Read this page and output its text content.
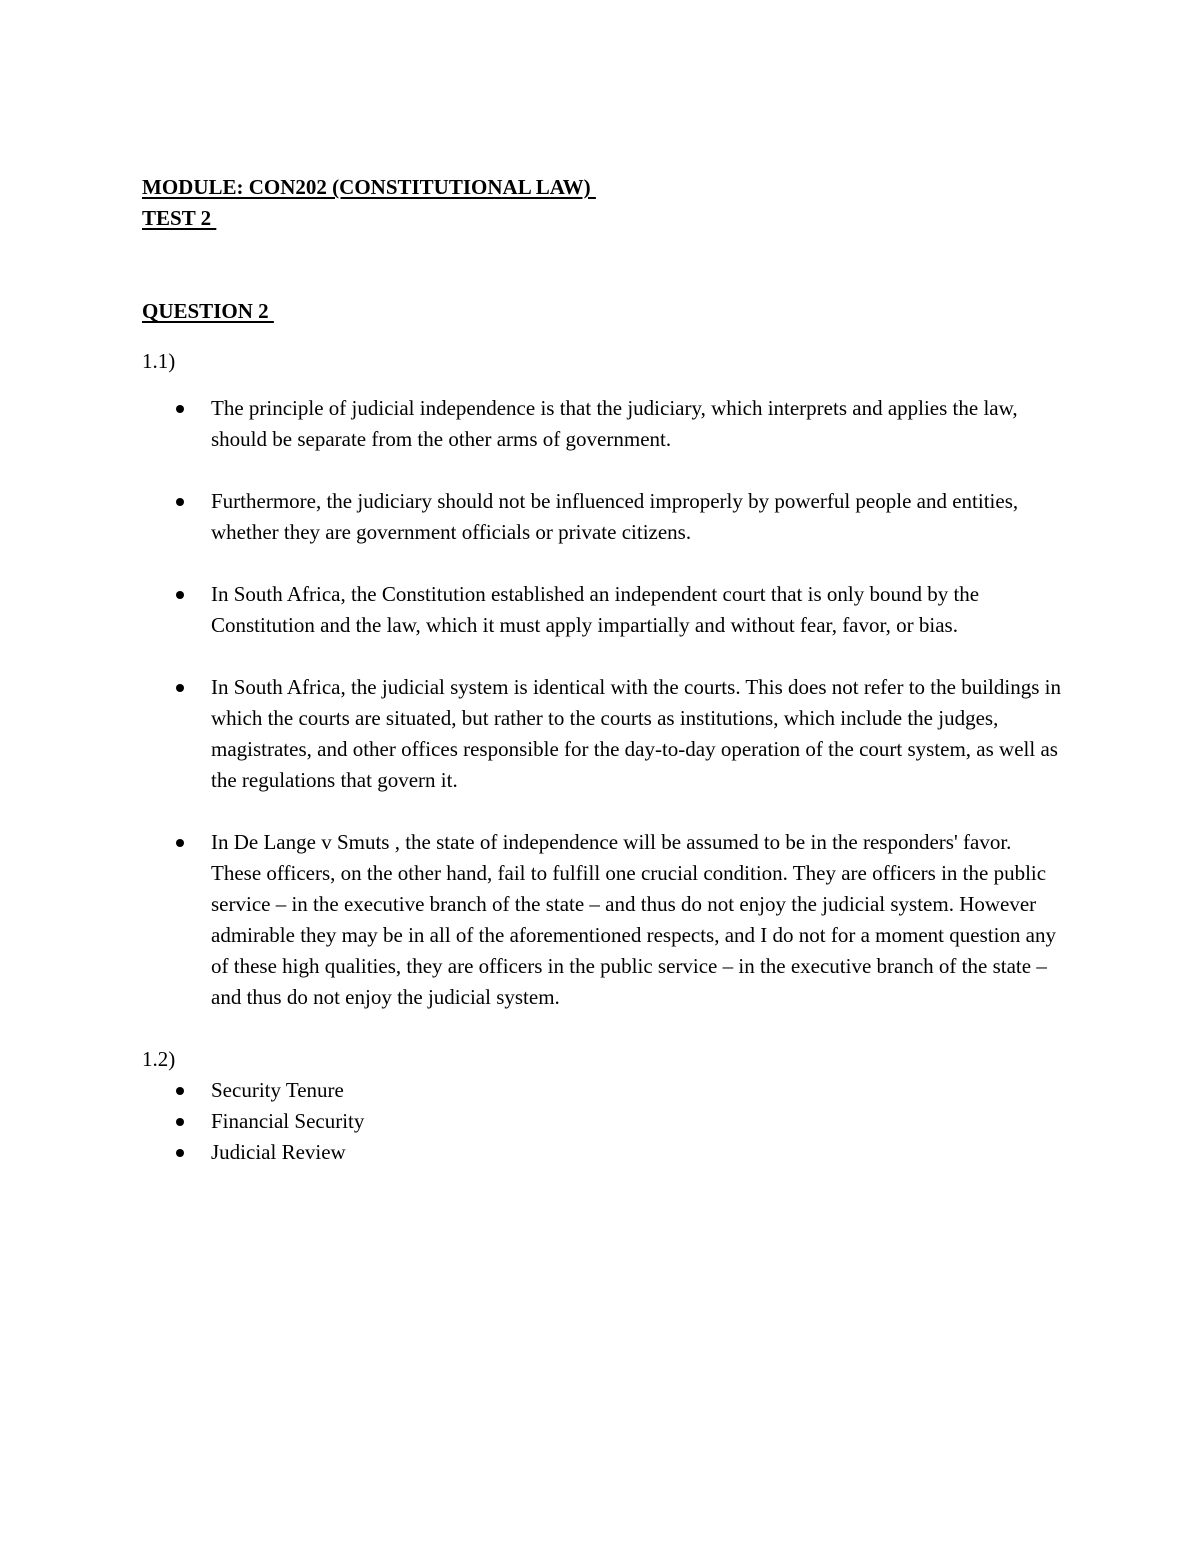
MODULE: CON202 (CONSTITUTIONAL LAW)

TEST 2

QUESTION 2

1.1)

The principle of judicial independence is that the judiciary, which interprets and applies the law, should be separate from the other arms of government.
Furthermore, the judiciary should not be influenced improperly by powerful people and entities, whether they are government officials or private citizens.
In South Africa, the Constitution established an independent court that is only bound by the Constitution and the law, which it must apply impartially and without fear, favor, or bias.
In South Africa, the judicial system is identical with the courts. This does not refer to the buildings in which the courts are situated, but rather to the courts as institutions, which include the judges, magistrates, and other offices responsible for the day-to-day operation of the court system, as well as the regulations that govern it.
In De Lange v Smuts , the state of independence will be assumed to be in the responders' favor. These officers, on the other hand, fail to fulfill one crucial condition. They are officers in the public service – in the executive branch of the state – and thus do not enjoy the judicial system. However admirable they may be in all of the aforementioned respects, and I do not for a moment question any of these high qualities, they are officers in the public service – in the executive branch of the state – and thus do not enjoy the judicial system.

1.2)

Security Tenure
Financial Security
Judicial Review
